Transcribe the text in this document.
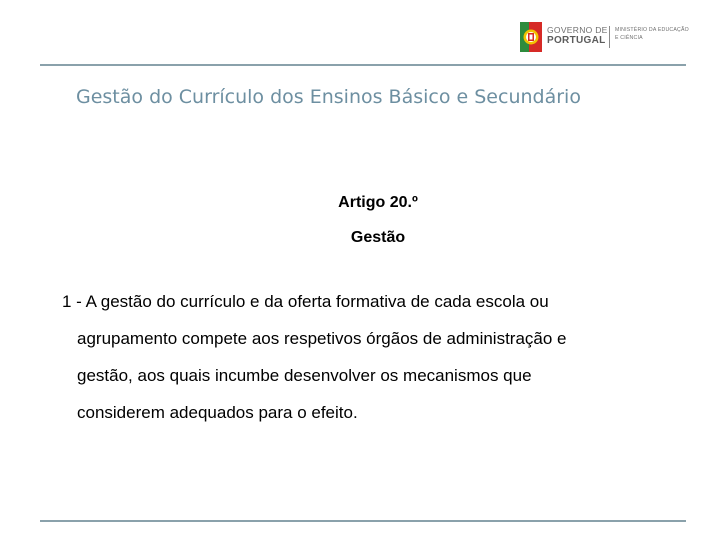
GOVERNO DE
PORTUGAL
MINISTÉRIO DA EDUCAÇÃO
E CIÊNCIA
Gestão do Currículo dos Ensinos Básico e Secundário
Artigo 20.º
Gestão
1 - A gestão do currículo e da oferta formativa de cada escola ou
agrupamento compete aos respetivos órgãos de administração e
gestão, aos quais incumbe desenvolver os mecanismos que
considerem adequados para o efeito.
